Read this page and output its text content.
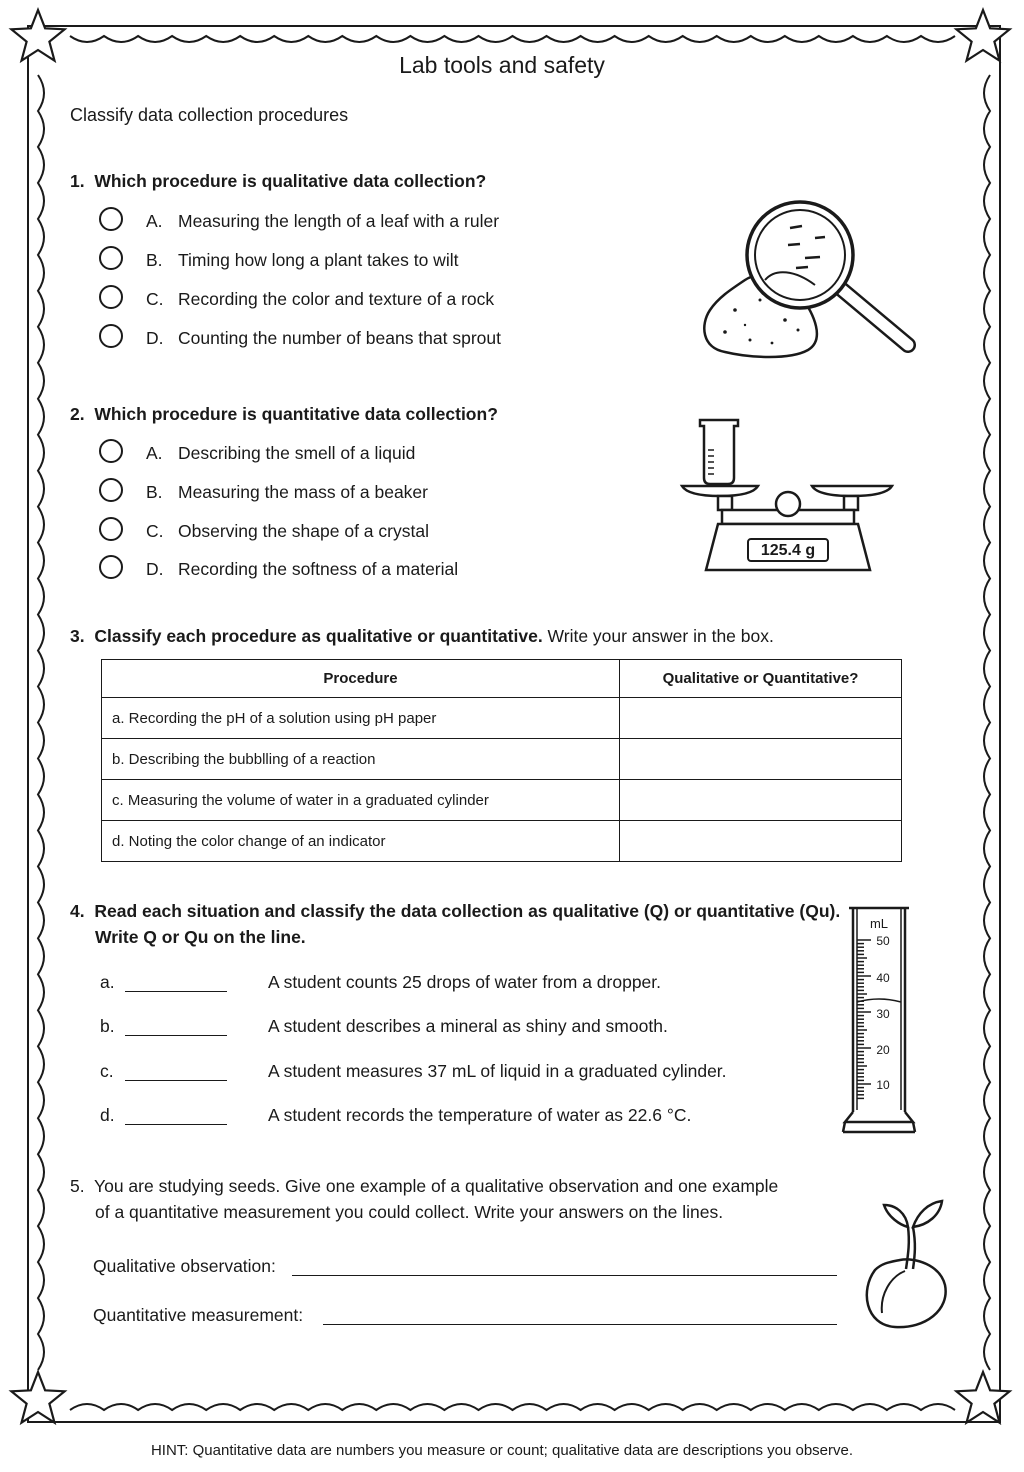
Lab tools and safety
Classify data collection procedures
1. Which procedure is qualitative data collection?
A. Measuring the length of a leaf with a ruler
B. Timing how long a plant takes to wilt
C. Recording the color and texture of a rock
D. Counting the number of beans that sprout
2. Which procedure is quantitative data collection?
A. Describing the smell of a liquid
B. Measuring the mass of a beaker
C. Observing the shape of a crystal
D. Recording the softness of a material
125.4 g
3. Classify each procedure as qualitative or quantitative. Write your answer in the box.
Procedure	Qualitative or Quantitative?
a. Recording the pH of a solution using pH paper	
b. Describing the bubblling of a reaction	
c. Measuring the volume of water in a graduated cylinder	
d. Noting the color change of an indicator	
4. Read each situation and classify the data collection as qualitative (Q) or quantitative (Qu).
Write Q or Qu on the line.
a.	A student counts 25 drops of water from a dropper.
b.	A student describes a mineral as shiny and smooth.
c.	A student measures 37 mL of liquid in a graduated cylinder.
d.	A student records the temperature of water as 22.6 °C.
mL
50
40
30
20
10
5. You are studying seeds. Give one example of a qualitative observation and one example
of a quantitative measurement you could collect. Write your answers on the lines.
Qualitative observation:
Quantitative measurement:
HINT: Quantitative data are numbers you measure or count; qualitative data are descriptions you observe.
